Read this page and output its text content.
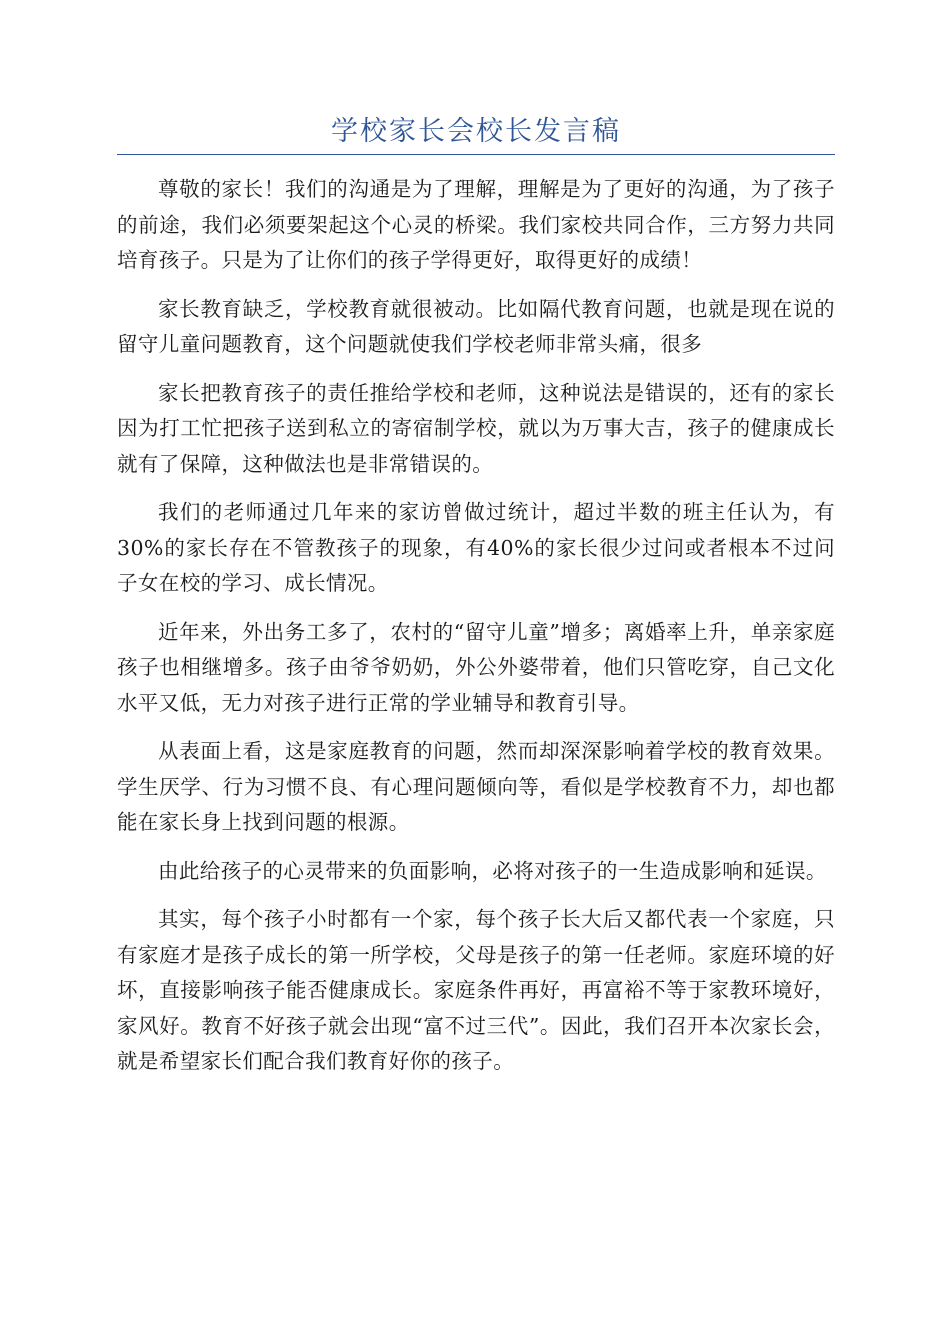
学校家长会校长发言稿

尊敬的家长！我们的沟通是为了理解，理解是为了更好的沟通，为了孩子的前途，我们必须要架起这个心灵的桥梁。我们家校共同合作，三方努力共同培育孩子。只是为了让你们的孩子学得更好，取得更好的成绩！

家长教育缺乏，学校教育就很被动。比如隔代教育问题，也就是现在说的留守儿童问题教育，这个问题就使我们学校老师非常头痛，很多

家长把教育孩子的责任推给学校和老师，这种说法是错误的，还有的家长因为打工忙把孩子送到私立的寄宿制学校，就以为万事大吉，孩子的健康成长就有了保障，这种做法也是非常错误的。

我们的老师通过几年来的家访曾做过统计，超过半数的班主任认为，有30%的家长存在不管教孩子的现象，有40%的家长很少过问或者根本不过问子女在校的学习、成长情况。

近年来，外出务工多了，农村的“留守儿童”增多；离婚率上升，单亲家庭孩子也相继增多。孩子由爷爷奶奶，外公外婆带着，他们只管吃穿，自己文化水平又低，无力对孩子进行正常的学业辅导和教育引导。

从表面上看，这是家庭教育的问题，然而却深深影响着学校的教育效果。学生厌学、行为习惯不良、有心理问题倾向等，看似是学校教育不力，却也都能在家长身上找到问题的根源。

由此给孩子的心灵带来的负面影响，必将对孩子的一生造成影响和延误。

其实，每个孩子小时都有一个家，每个孩子长大后又都代表一个家庭，只有家庭才是孩子成长的第一所学校，父母是孩子的第一任老师。家庭环境的好坏，直接影响孩子能否健康成长。家庭条件再好，再富裕不等于家教环境好，家风好。教育不好孩子就会出现“富不过三代”。因此，我们召开本次家长会，就是希望家长们配合我们教育好你的孩子。
